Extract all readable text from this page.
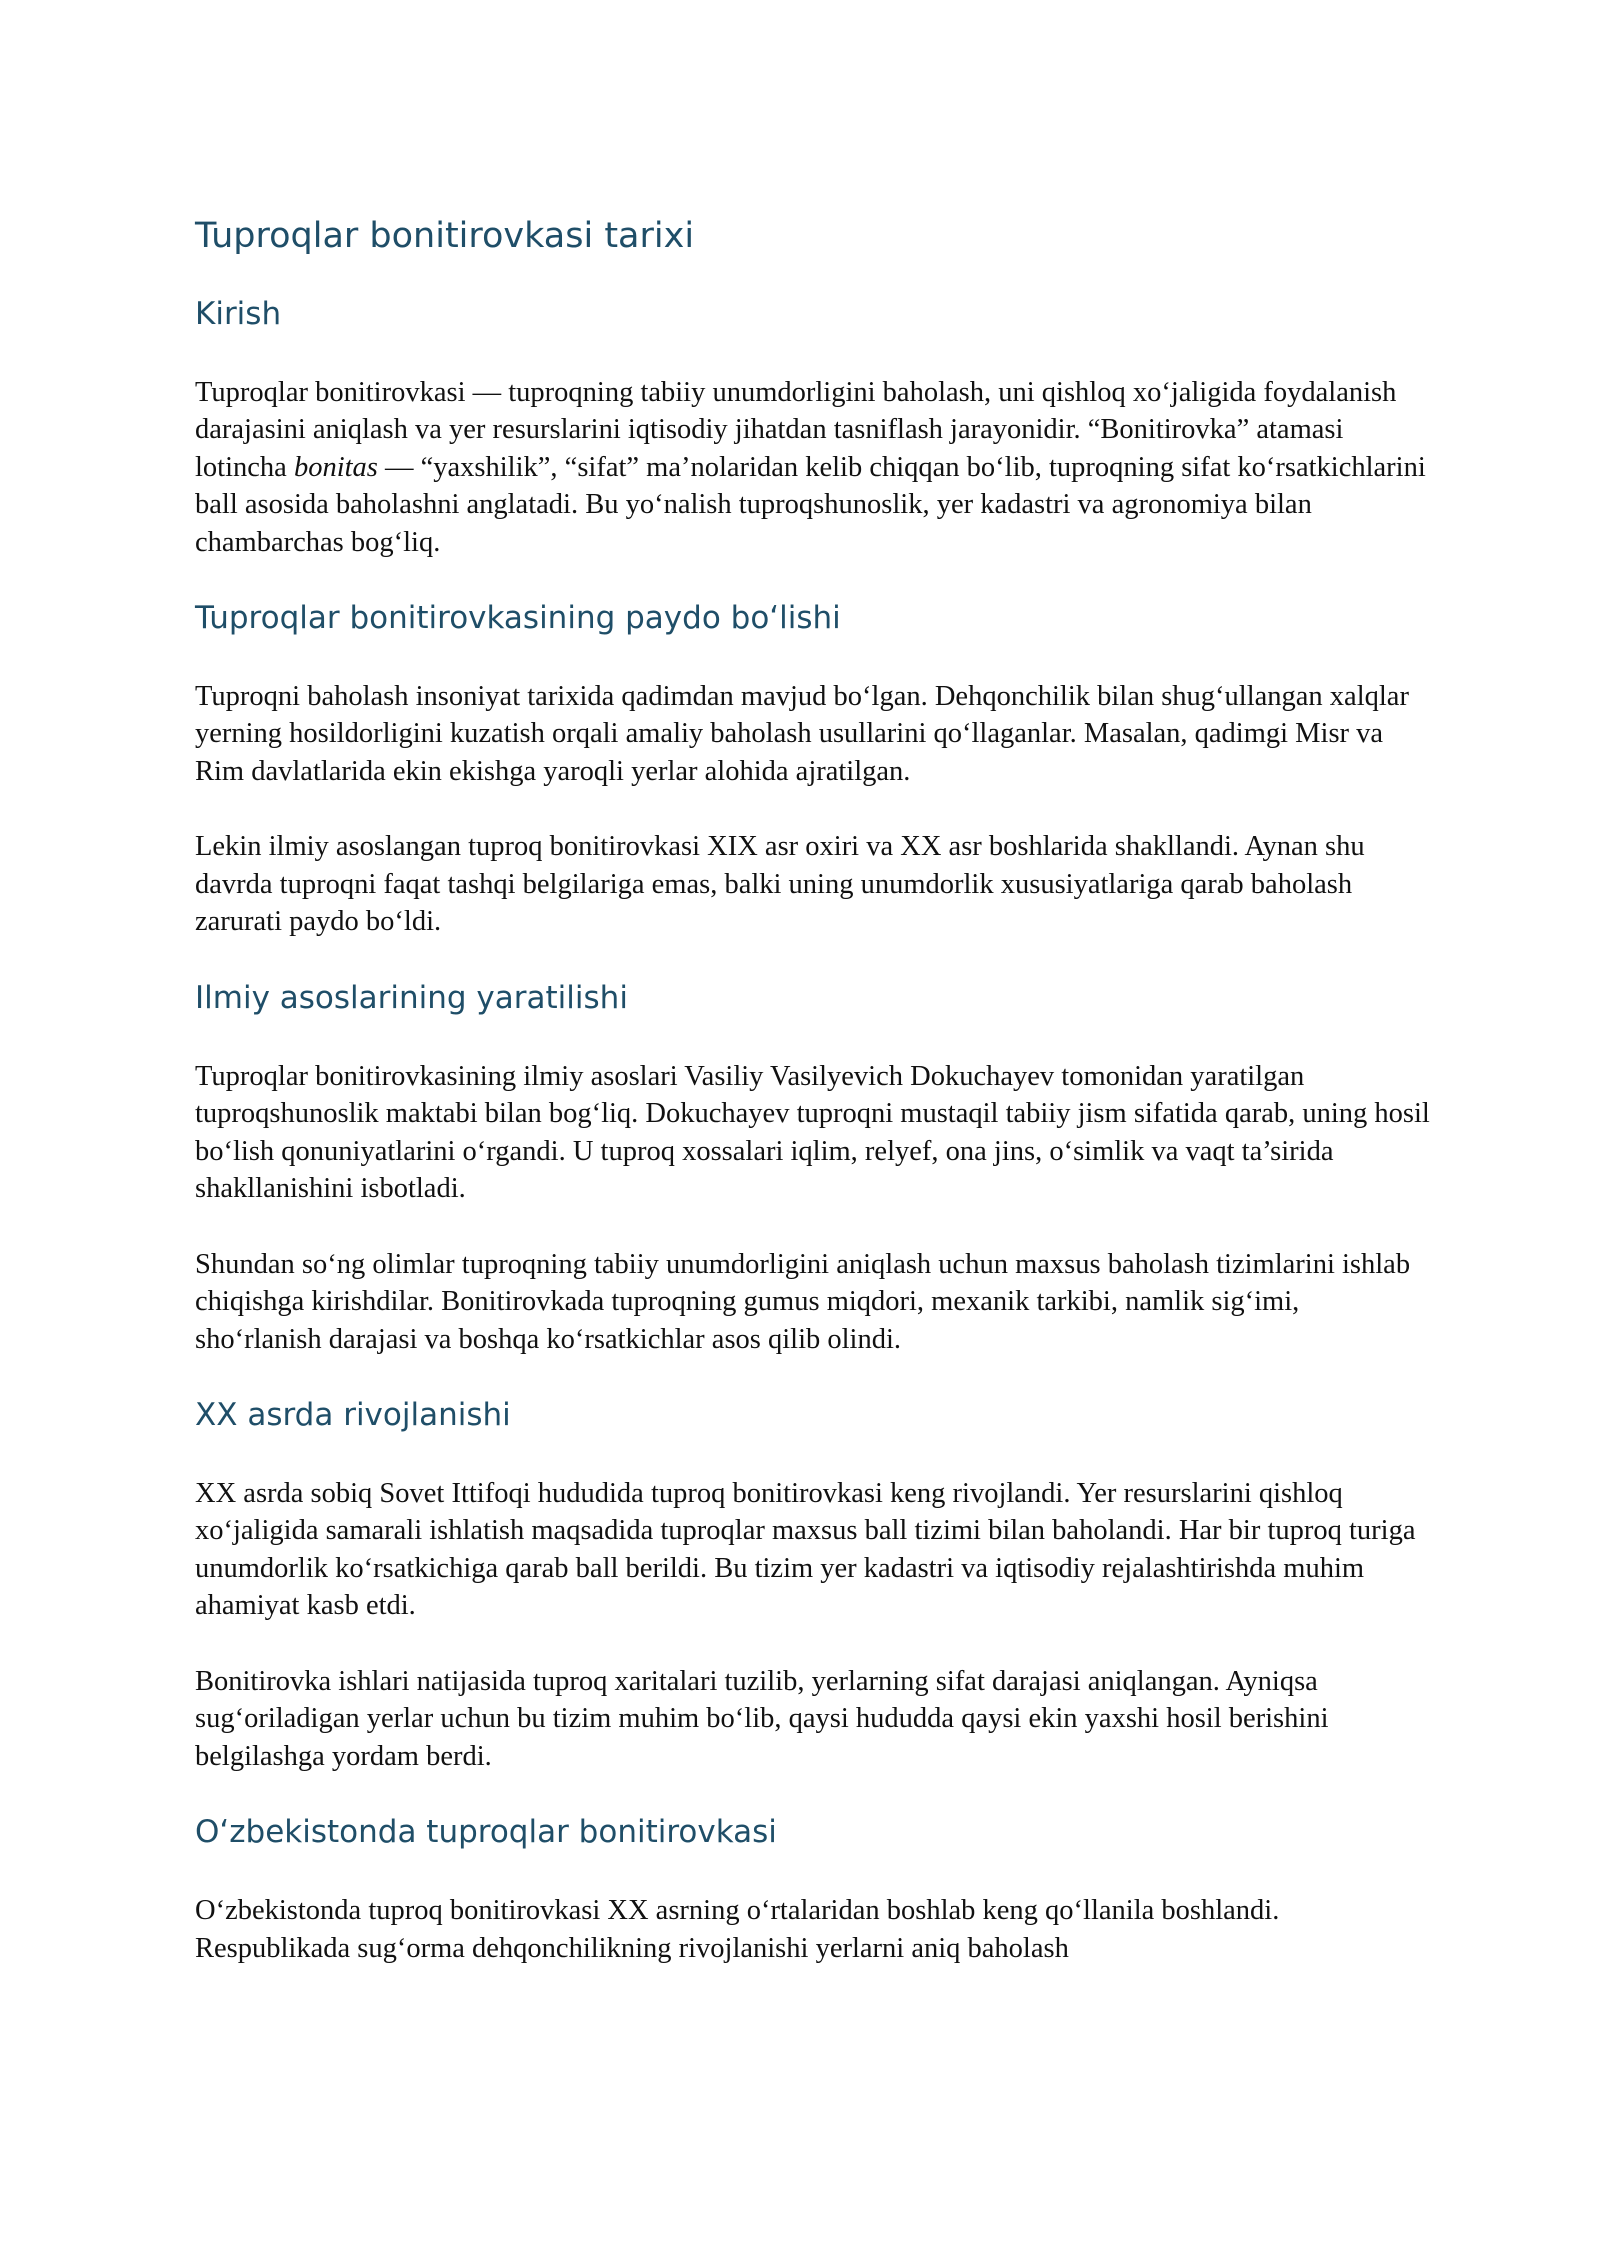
Tuproqlar bonitirovkasi tarixi
Kirish

Tuproqlar bonitirovkasi — tuproqning tabiiy unumdorligini baholash, uni qishloq xo‘jaligida foydalanish darajasini aniqlash va yer resurslarini iqtisodiy jihatdan tasniflash jarayonidir. “Bonitirovka” atamasi lotincha bonitas — “yaxshilik”, “sifat” ma’nolaridan kelib chiqqan bo‘lib, tuproqning sifat ko‘rsatkichlarini ball asosida baholashni anglatadi. Bu yo‘nalish tuproqshunoslik, yer kadastri va agronomiya bilan chambarchas bog‘liq.

Tuproqlar bonitirovkasining paydo bo‘lishi

Tuproqni baholash insoniyat tarixida qadimdan mavjud bo‘lgan. Dehqonchilik bilan shug‘ullangan xalqlar yerning hosildorligini kuzatish orqali amaliy baholash usullarini qo‘llaganlar. Masalan, qadimgi Misr va Rim davlatlarida ekin ekishga yaroqli yerlar alohida ajratilgan.

Lekin ilmiy asoslangan tuproq bonitirovkasi XIX asr oxiri va XX asr boshlarida shakllandi. Aynan shu davrda tuproqni faqat tashqi belgilariga emas, balki uning unumdorlik xususiyatlariga qarab baholash zarurati paydo bo‘ldi.

Ilmiy asoslarining yaratilishi

Tuproqlar bonitirovkasining ilmiy asoslari Vasiliy Vasilyevich Dokuchayev tomonidan yaratilgan tuproqshunoslik maktabi bilan bog‘liq. Dokuchayev tuproqni mustaqil tabiiy jism sifatida qarab, uning hosil bo‘lish qonuniyatlarini o‘rgandi. U tuproq xossalari iqlim, relyef, ona jins, o‘simlik va vaqt ta’sirida shakllanishini isbotladi.

Shundan so‘ng olimlar tuproqning tabiiy unumdorligini aniqlash uchun maxsus baholash tizimlarini ishlab chiqishga kirishdilar. Bonitirovkada tuproqning gumus miqdori, mexanik tarkibi, namlik sig‘imi, sho‘rlanish darajasi va boshqa ko‘rsatkichlar asos qilib olindi.

XX asrda rivojlanishi

XX asrda sobiq Sovet Ittifoqi hududida tuproq bonitirovkasi keng rivojlandi. Yer resurslarini qishloq xo‘jaligida samarali ishlatish maqsadida tuproqlar maxsus ball tizimi bilan baholandi. Har bir tuproq turiga unumdorlik ko‘rsatkichiga qarab ball berildi. Bu tizim yer kadastri va iqtisodiy rejalashtirishda muhim ahamiyat kasb etdi.

Bonitirovka ishlari natijasida tuproq xaritalari tuzilib, yerlarning sifat darajasi aniqlangan. Ayniqsa sug‘oriladigan yerlar uchun bu tizim muhim bo‘lib, qaysi hududda qaysi ekin yaxshi hosil berishini belgilashga yordam berdi.

O‘zbekistonda tuproqlar bonitirovkasi

O‘zbekistonda tuproq bonitirovkasi XX asrning o‘rtalaridan boshlab keng qo‘llanila boshlandi. Respublikada sug‘orma dehqonchilikning rivojlanishi yerlarni aniq baholash
